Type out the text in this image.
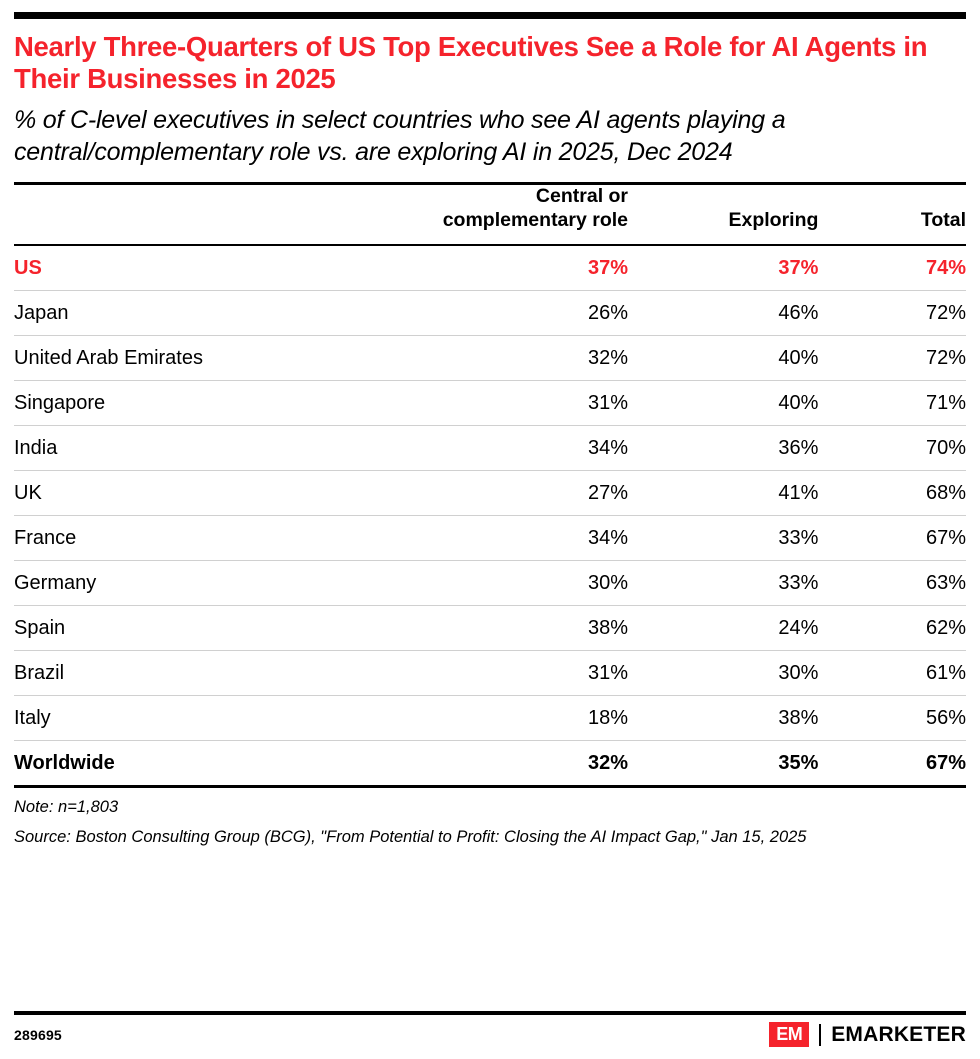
Nearly Three-Quarters of US Top Executives See a Role for AI Agents in Their Businesses in 2025

% of C-level executives in select countries who see AI agents playing a central/complementary role vs. are exploring AI in 2025, Dec 2024

	Central or complementary role	Exploring	Total
US	37%	37%	74%
Japan	26%	46%	72%
United Arab Emirates	32%	40%	72%
Singapore	31%	40%	71%
India	34%	36%	70%
UK	27%	41%	68%
France	34%	33%	67%
Germany	30%	33%	63%
Spain	38%	24%	62%
Brazil	31%	30%	61%
Italy	18%	38%	56%
Worldwide	32%	35%	67%
Note: n=1,803
Source: Boston Consulting Group (BCG), "From Potential to Profit: Closing the AI Impact Gap," Jan 15, 2025
289695	EM	EMARKETER
